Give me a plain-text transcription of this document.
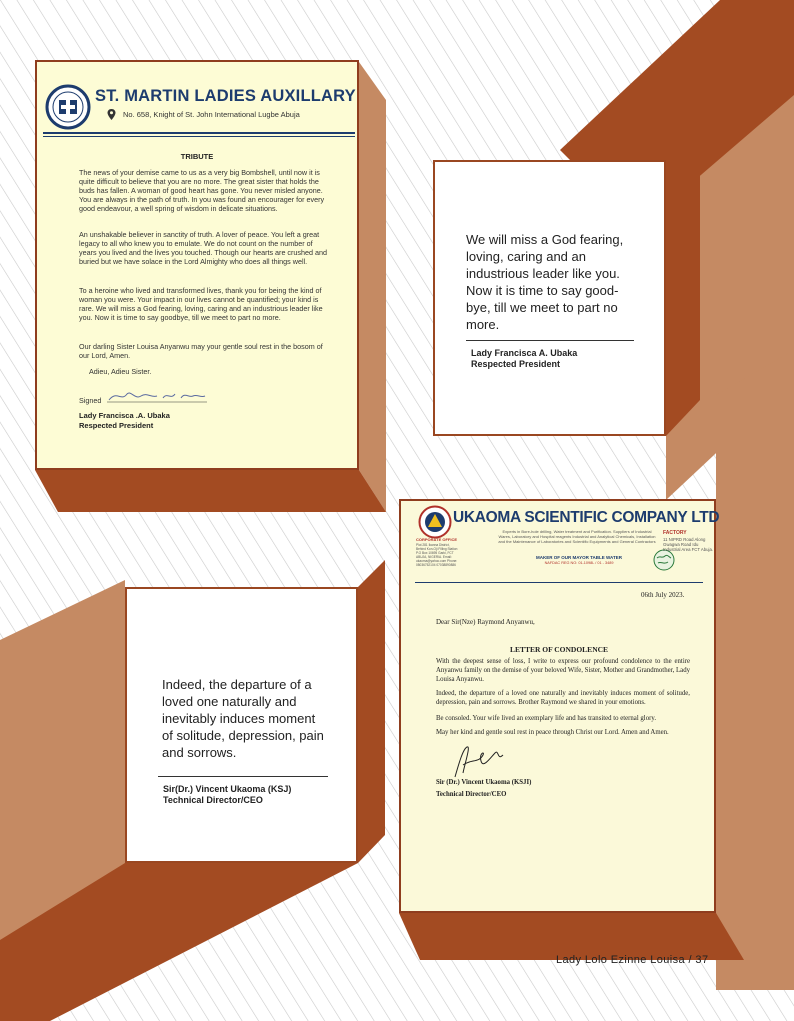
ST. MARTIN LADIES AUXILLARY
No. 658, Knight of St. John International Lugbe Abuja
TRIBUTE
The news of your demise came to us as a very big Bombshell, until now it is quite difficult to believe that you are no more. The great sister that holds the buds has fallen. A woman of good heart has gone. You never misled anyone. You are always in the path of truth. In you was found an encourager for every good endeavour, a well spring of wisdom in delicate situations.
An unshakable believer in sanctity of truth. A lover of peace. You left a great legacy to all who knew you to emulate. We do not count on the number of years you lived and the lives you touched. Though our hearts are crushed and buried but we have solace in the Lord Almighty who does all things well.
To a heroine who lived and transformed lives, thank you for being the kind of woman you were. Your impact in our lives cannot be quantified; your kind is rare. We will miss a God fearing, loving, caring and an industrious leader like you. Now it is time to say goodbye, till we meet to part no more.
Our darling Sister Louisa Anyanwu may your gentle soul rest in the bosom of our Lord, Amen.
Adieu, Adieu Sister.
Signed
Lady Francisca .A. Ubaka
Respected President
We will miss a God fearing, loving, caring and an industrious leader like you. Now it is time to say good-bye, till we meet to part no more.
Lady Francisca A. Ubaka
Respected President
UKAOMA SCIENTIFIC COMPANY LTD
Experts in Bore-hole drilling, Water treatment and Purification. Suppliers of Industrial Wares, Laboratory and Hospital reagents Industrial and Analytical Chemicals, Installation and the Maintenance of Laboratories and Scientific Equipments and General Contractors
MAKER OF OUR MAYOR TABLE WATER
NAFDAC REG NO: 01-1098L / 01 - 3489
CORPORATE OFFICE
Plot 281 Ikanna District, Behind Kon-Oji Filling Station P.O Box 10695 Garki, FCT ABUJA, NIGERIA. Email: ukaoma@yahoo.com Phone: 08036752104 07038890886
FACTORY
11 NIPRD Road Along Gwagwa Road Idu Industrial Area FCT Abuja.
06th July 2023.
Dear Sir(Nze) Raymond Anyanwu,
LETTER OF CONDOLENCE
With the deepest sense of loss, I write to express our profound condolence to the entire Anyanwu family on the demise of your beloved Wife, Sister, Mother and Grandmother, Lady Louisa Anyanwu.
Indeed, the departure of a loved one naturally and inevitably induces moment of solitude, depression, pain and sorrows. Brother Raymond we shared in your emotions.
Be consoled. Your wife lived an exemplary life and has transited to eternal glory.
May her kind and gentle soul rest in peace through Christ our Lord. Amen and Amen.
Sir (Dr.) Vincent Ukaoma (KSJI)
Technical Director/CEO
Indeed, the departure of a loved one naturally and inevitably induces moment of solitude, depression, pain and sorrows.
Sir(Dr.) Vincent Ukaoma (KSJ)
Technical Director/CEO
Lady Lolo Ezinne Louisa / 37
